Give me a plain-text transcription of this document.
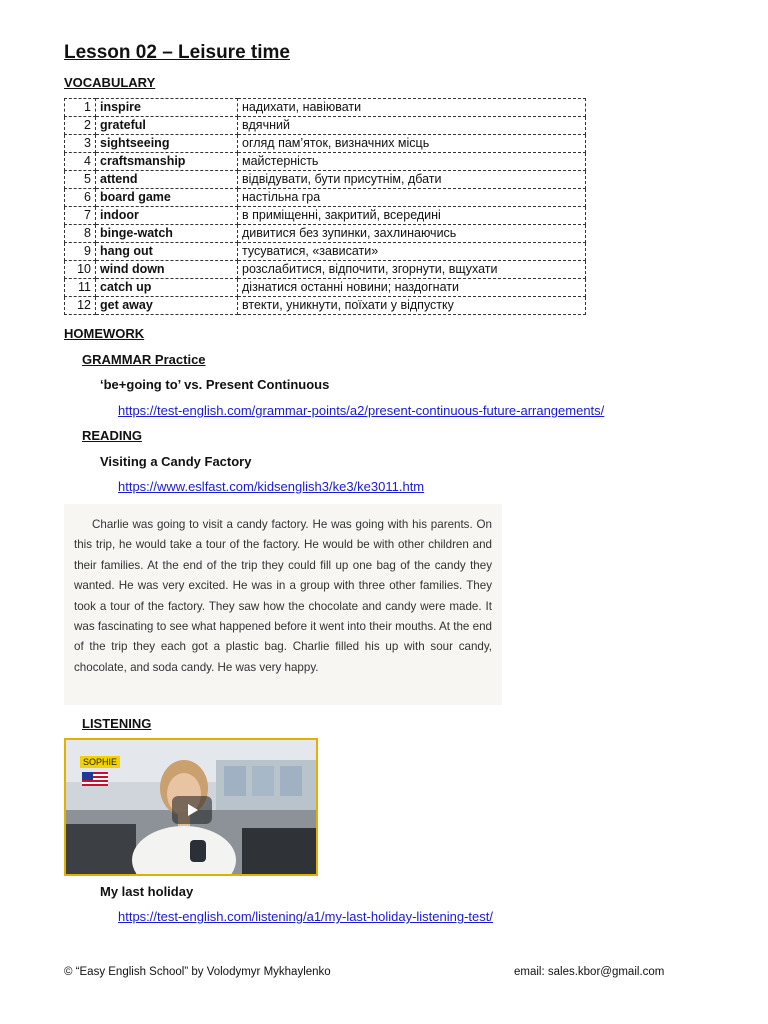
Lesson 02 – Leisure time
VOCABULARY
1	inspire	надихати, навіювати
2	grateful	вдячний
3	sightseeing	огляд пам’яток, визначних місць
4	craftsmanship	майстерність
5	attend	відвідувати, бути присутнім, дбати
6	board game	настільна гра
7	indoor	в приміщенні, закритий, всередині
8	binge-watch	дивитися без зупинки, захлинаючись
9	hang out	тусуватися, «зависати»
10	wind down	розслабитися, відпочити, згорнути, вщухати
11	catch up	дізнатися останні новини; наздогнати
12	get away	втекти, уникнути, поїхати у відпустку
HOMEWORK
GRAMMAR Practice
‘be+going to’ vs. Present Continuous
https://test-english.com/grammar-points/a2/present-continuous-future-arrangements/
READING
Visiting a Candy Factory
https://www.eslfast.com/kidsenglish3/ke3/ke3011.htm
Charlie was going to visit a candy factory. He was going with his parents. On this trip, he would take a tour of the factory. He would be with other children and their families. At the end of the trip they could fill up one bag of the candy they wanted. He was very excited. He was in a group with three other families. They took a tour of the factory. They saw how the chocolate and candy were made. It was fascinating to see what happened before it went into their mouths. At the end of the trip they each got a plastic bag. Charlie filled his up with sour candy, chocolate, and soda candy. He was very happy.
LISTENING
SOPHIE
My last holiday
https://test-english.com/listening/a1/my-last-holiday-listening-test/
© “Easy English School” by Volodymyr Mykhaylenko	email: sales.kbor@gmail.com
